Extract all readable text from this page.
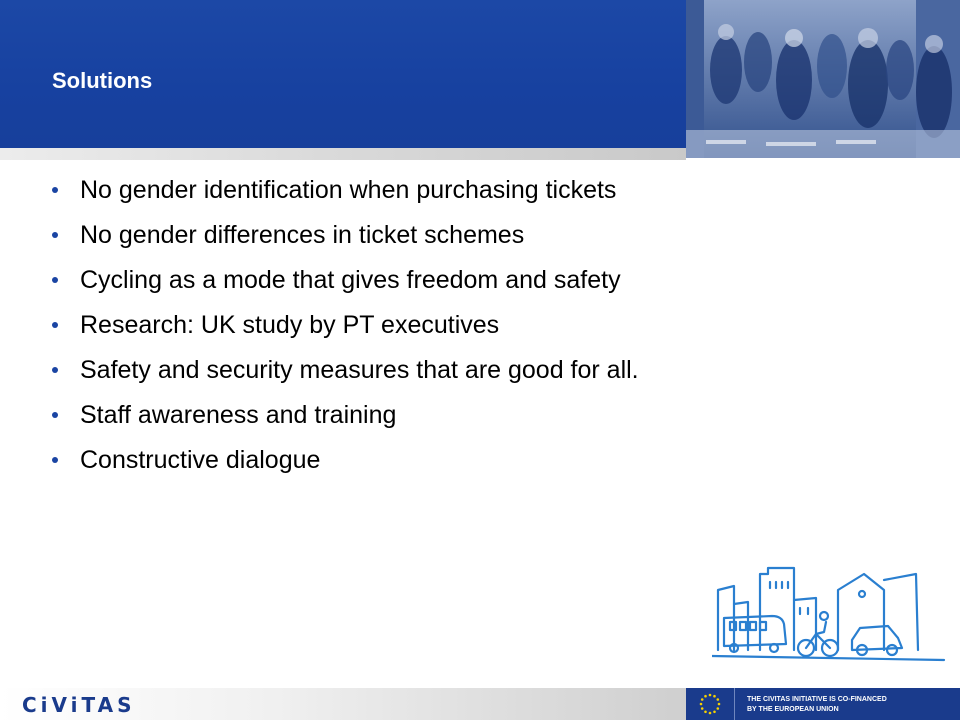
Solutions
No gender identification when purchasing tickets
No gender differences in ticket schemes
Cycling as a mode that gives freedom and safety
Research: UK study by PT executives
Safety and security measures that are good for all.
Staff awareness and training
Constructive dialogue
CiViTAS	THE CIVITAS INITIATIVE IS CO-FINANCED
BY THE EUROPEAN UNION
